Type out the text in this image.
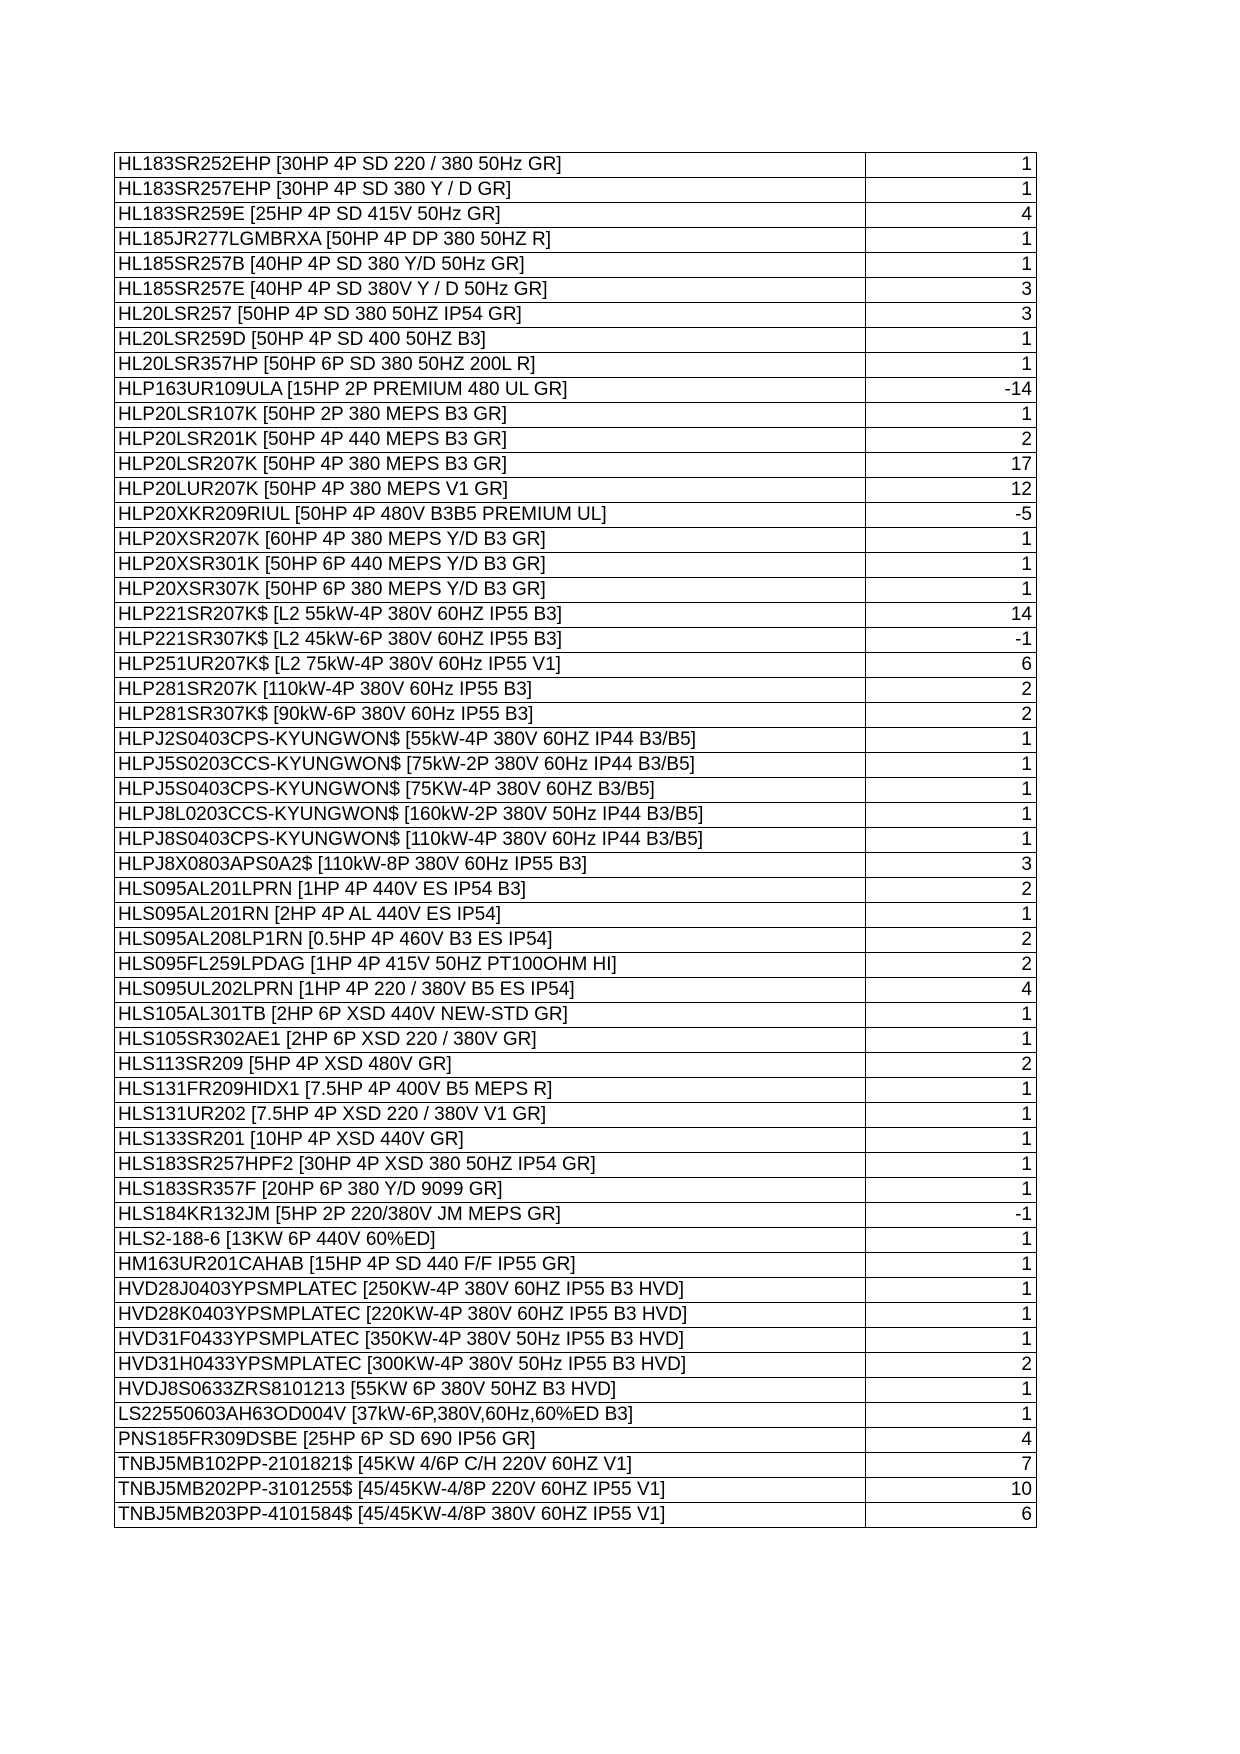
HL183SR252EHP [30HP 4P SD 220 / 380 50Hz GR]	1
HL183SR257EHP [30HP 4P SD 380 Y / D GR]	1
HL183SR259E [25HP 4P SD 415V 50Hz GR]	4
HL185JR277LGMBRXA [50HP 4P DP 380 50HZ R]	1
HL185SR257B [40HP 4P SD 380 Y/D 50Hz GR]	1
HL185SR257E [40HP 4P SD 380V Y / D 50Hz GR]	3
HL20LSR257 [50HP 4P SD 380 50HZ IP54 GR]	3
HL20LSR259D [50HP 4P SD 400 50HZ B3]	1
HL20LSR357HP [50HP 6P SD 380 50HZ 200L R]	1
HLP163UR109ULA [15HP 2P PREMIUM 480 UL GR]	-14
HLP20LSR107K [50HP 2P 380 MEPS B3 GR]	1
HLP20LSR201K [50HP 4P 440 MEPS B3 GR]	2
HLP20LSR207K [50HP 4P 380 MEPS B3 GR]	17
HLP20LUR207K [50HP 4P 380 MEPS V1 GR]	12
HLP20XKR209RIUL [50HP 4P 480V B3B5 PREMIUM UL]	-5
HLP20XSR207K [60HP 4P 380 MEPS Y/D B3 GR]	1
HLP20XSR301K [50HP 6P 440 MEPS Y/D B3 GR]	1
HLP20XSR307K [50HP 6P 380 MEPS Y/D B3 GR]	1
HLP221SR207K$ [L2 55kW-4P 380V 60HZ IP55 B3]	14
HLP221SR307K$ [L2 45kW-6P 380V 60HZ IP55 B3]	-1
HLP251UR207K$ [L2 75kW-4P 380V 60Hz IP55 V1]	6
HLP281SR207K [110kW-4P 380V 60Hz IP55 B3]	2
HLP281SR307K$ [90kW-6P 380V 60Hz IP55 B3]	2
HLPJ2S0403CPS-KYUNGWON$ [55kW-4P 380V 60HZ IP44 B3/B5]	1
HLPJ5S0203CCS-KYUNGWON$ [75kW-2P 380V 60Hz IP44 B3/B5]	1
HLPJ5S0403CPS-KYUNGWON$ [75KW-4P 380V 60HZ B3/B5]	1
HLPJ8L0203CCS-KYUNGWON$ [160kW-2P 380V 50Hz IP44 B3/B5]	1
HLPJ8S0403CPS-KYUNGWON$ [110kW-4P 380V 60Hz IP44 B3/B5]	1
HLPJ8X0803APS0A2$ [110kW-8P 380V 60Hz IP55 B3]	3
HLS095AL201LPRN [1HP 4P 440V ES IP54 B3]	2
HLS095AL201RN [2HP 4P AL 440V ES IP54]	1
HLS095AL208LP1RN [0.5HP 4P 460V B3 ES IP54]	2
HLS095FL259LPDAG [1HP 4P 415V 50HZ PT100OHM HI]	2
HLS095UL202LPRN [1HP 4P 220 / 380V B5 ES IP54]	4
HLS105AL301TB [2HP 6P XSD 440V NEW-STD GR]	1
HLS105SR302AE1 [2HP 6P XSD 220 / 380V GR]	1
HLS113SR209 [5HP 4P XSD 480V GR]	2
HLS131FR209HIDX1 [7.5HP 4P 400V B5 MEPS R]	1
HLS131UR202 [7.5HP 4P XSD 220 / 380V V1 GR]	1
HLS133SR201 [10HP 4P XSD 440V GR]	1
HLS183SR257HPF2 [30HP 4P XSD 380 50HZ IP54 GR]	1
HLS183SR357F [20HP 6P 380 Y/D 9099 GR]	1
HLS184KR132JM [5HP 2P 220/380V JM MEPS GR]	-1
HLS2-188-6 [13KW 6P 440V 60%ED]	1
HM163UR201CAHAB [15HP 4P SD 440 F/F IP55 GR]	1
HVD28J0403YPSMPLATEC [250KW-4P 380V 60HZ IP55 B3 HVD]	1
HVD28K0403YPSMPLATEC [220KW-4P 380V 60HZ IP55 B3 HVD]	1
HVD31F0433YPSMPLATEC [350KW-4P 380V 50Hz IP55 B3 HVD]	1
HVD31H0433YPSMPLATEC [300KW-4P 380V 50Hz IP55 B3 HVD]	2
HVDJ8S0633ZRS8101213 [55KW 6P 380V 50HZ B3 HVD]	1
LS22550603AH63OD004V [37kW-6P,380V,60Hz,60%ED B3]	1
PNS185FR309DSBE [25HP 6P SD 690 IP56 GR]	4
TNBJ5MB102PP-2101821$ [45KW 4/6P C/H 220V 60HZ V1]	7
TNBJ5MB202PP-3101255$ [45/45KW-4/8P 220V 60HZ IP55 V1]	10
TNBJ5MB203PP-4101584$ [45/45KW-4/8P 380V 60HZ IP55 V1]	6
